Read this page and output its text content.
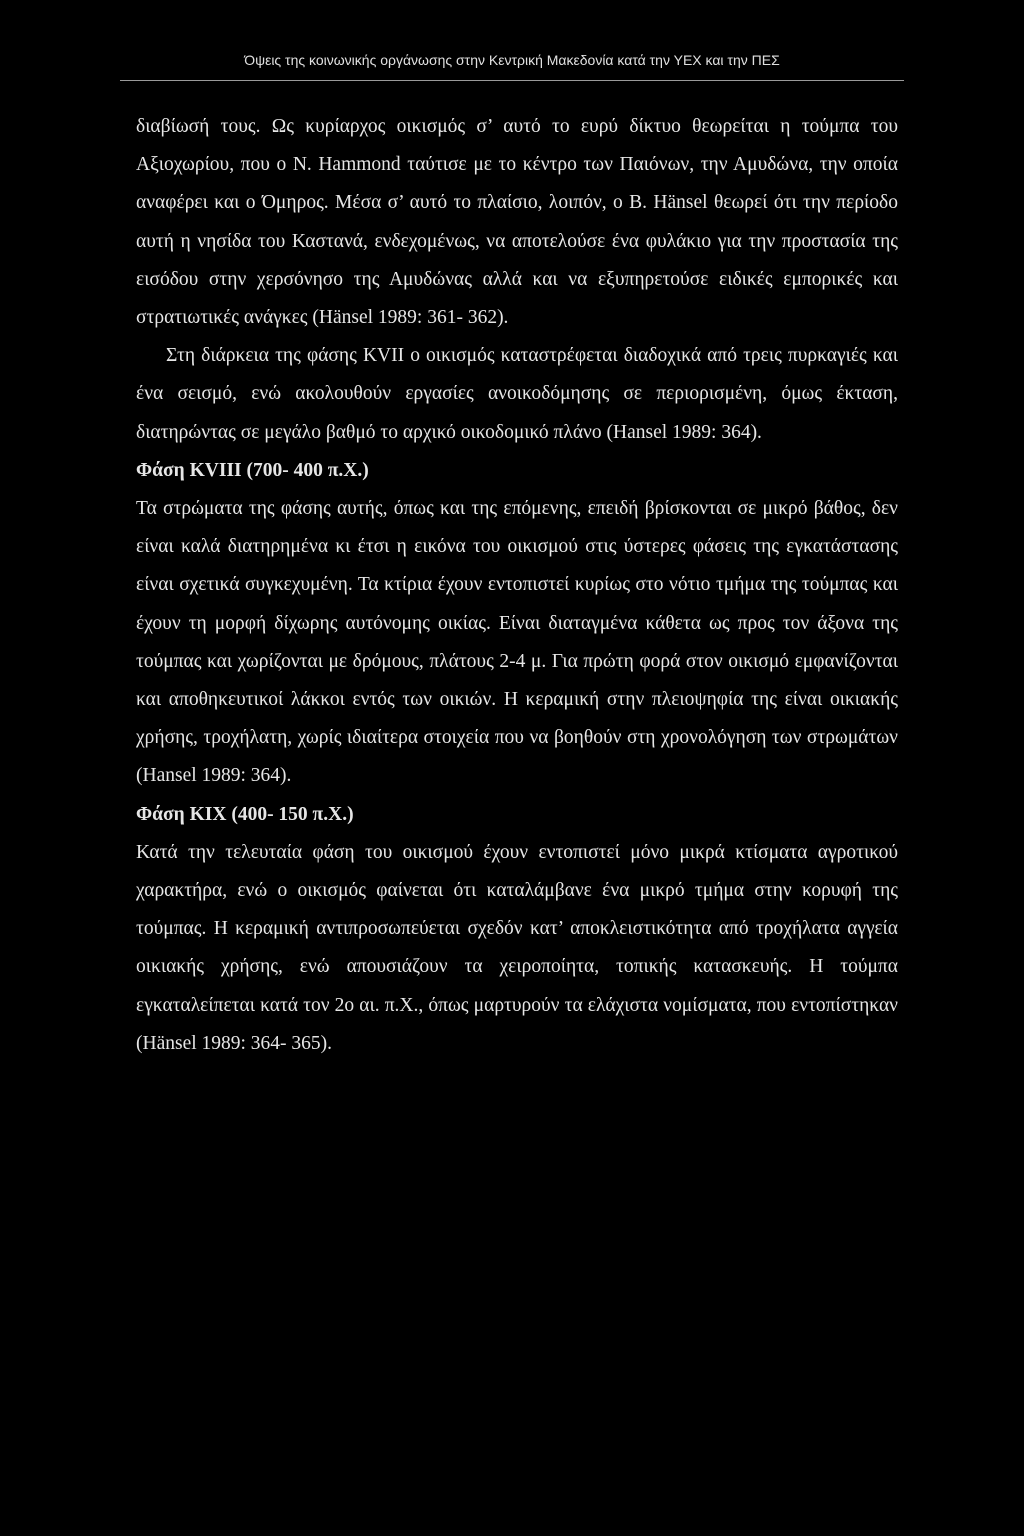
Όψεις της κοινωνικής οργάνωσης στην Κεντρική Μακεδονία κατά την ΥΕΧ και την ΠΕΣ

διαβίωσή τους. Ως κυρίαρχος οικισμός σ’ αυτό το ευρύ δίκτυο θεωρείται η τούμπα του Αξιοχωρίου, που ο Ν. Hammond ταύτισε με το κέντρο των Παιόνων, την Αμυδώνα, την οποία αναφέρει και ο Όμηρος. Μέσα σ’ αυτό το πλαίσιο, λοιπόν, ο Β. Hänsel θεωρεί ότι την περίοδο αυτή η νησίδα του Καστανά, ενδεχομένως, να αποτελούσε ένα φυλάκιο για την προστασία της εισόδου στην χερσόνησο της Αμυδώνας αλλά και να εξυπηρετούσε ειδικές εμπορικές και στρατιωτικές ανάγκες (Hänsel 1989: 361- 362).

Στη διάρκεια της φάσης KVII ο οικισμός καταστρέφεται διαδοχικά από τρεις πυρκαγιές και ένα σεισμό, ενώ ακολουθούν εργασίες ανοικοδόμησης σε περιορισμένη, όμως έκταση, διατηρώντας σε μεγάλο βαθμό το αρχικό οικοδομικό πλάνο (Hansel 1989: 364).

Φάση KVIII (700- 400 π.Χ.)

Τα στρώματα της φάσης αυτής, όπως και της επόμενης, επειδή βρίσκονται σε μικρό βάθος, δεν είναι καλά διατηρημένα κι έτσι η εικόνα του οικισμού στις ύστερες φάσεις της εγκατάστασης είναι σχετικά συγκεχυμένη. Τα κτίρια έχουν εντοπιστεί κυρίως στο νότιο τμήμα της τούμπας και έχουν τη μορφή δίχωρης αυτόνομης οικίας. Είναι διαταγμένα κάθετα ως προς τον άξονα της τούμπας και χωρίζονται με δρόμους, πλάτους 2-4 μ. Για πρώτη φορά στον οικισμό εμφανίζονται και αποθηκευτικοί λάκκοι εντός των οικιών. Η κεραμική στην πλειοψηφία της είναι οικιακής χρήσης, τροχήλατη, χωρίς ιδιαίτερα στοιχεία που να βοηθούν στη χρονολόγηση των στρωμάτων (Hansel 1989: 364).

Φάση KIX (400- 150 π.Χ.)

Κατά την τελευταία φάση του οικισμού έχουν εντοπιστεί μόνο μικρά κτίσματα αγροτικού χαρακτήρα, ενώ ο οικισμός φαίνεται ότι καταλάμβανε ένα μικρό τμήμα στην κορυφή της τούμπας. Η κεραμική αντιπροσωπεύεται σχεδόν κατ’ αποκλειστικότητα από τροχήλατα αγγεία οικιακής χρήσης, ενώ απουσιάζουν τα χειροποίητα, τοπικής κατασκευής. Η τούμπα εγκαταλείπεται κατά τον 2ο αι. π.Χ., όπως μαρτυρούν τα ελάχιστα νομίσματα, που εντοπίστηκαν (Hänsel 1989: 364- 365).
